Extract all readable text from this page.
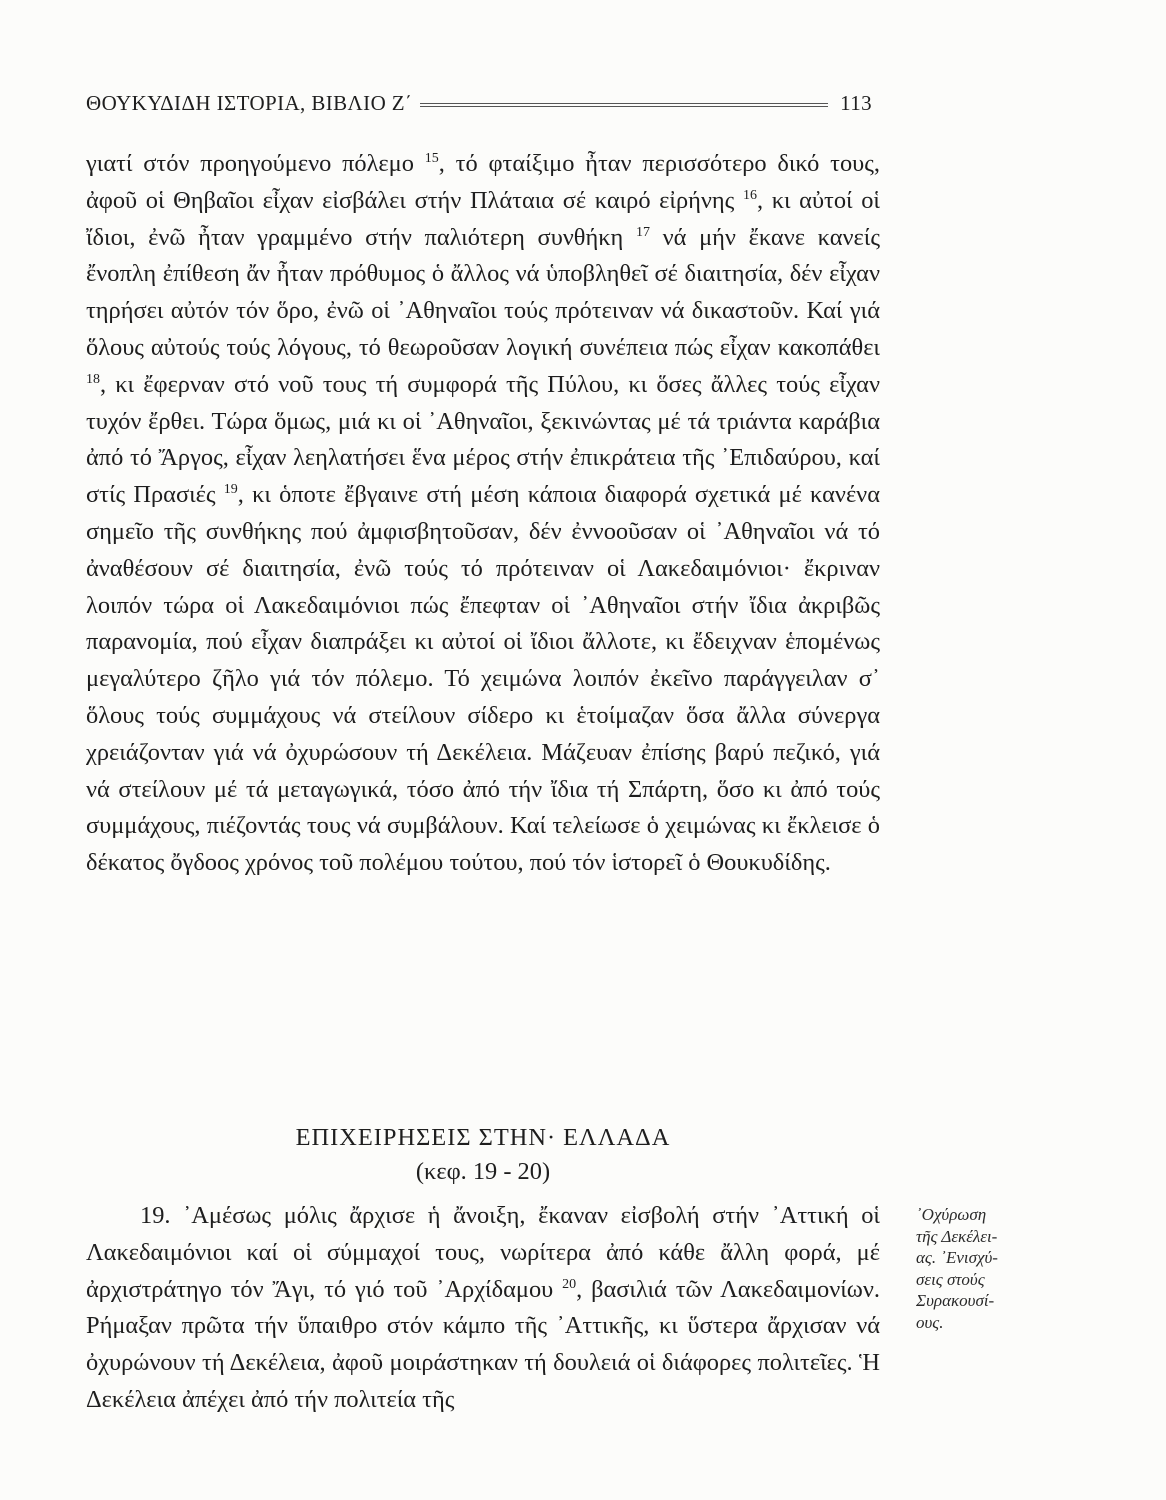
ΘΟΥΚΥΔΙΔΗ ΙΣΤΟΡΙΑ, ΒΙΒΛΙΟ Ζ΄	113

γιατί στόν προηγούμενο πόλεμο $^{15}$, τό φταίξιμο ἦταν περισσότερο δικό τους, ἀφοῦ οἱ Θηβαῖοι εἶχαν εἰσβάλει στήν Πλάταια σέ καιρό εἰρήνης $^{16}$, κι αὐτοί οἱ ἴδιοι, ἐνῶ ἦταν γραμμένο στήν παλιότερη συνθήκη $^{17}$ νά μήν ἔκανε κανείς ἔνοπλη ἐπίθεση ἄν ἦταν πρόθυμος ὁ ἄλλος νά ὑποβληθεῖ σέ διαιτησία, δέν εἶχαν τηρήσει αὐτόν τόν ὅρο, ἐνῶ οἱ ᾿Αθηναῖοι τούς πρότειναν νά δικαστοῦν. Καί γιά ὅλους αὐτούς τούς λόγους, τό θεωροῦσαν λογική συνέπεια πώς εἶχαν κακοπάθει $^{18}$, κι ἔφερναν στό νοῦ τους τή συμφορά τῆς Πύλου, κι ὅσες ἄλλες τούς εἶχαν τυχόν ἔρθει. Τώρα ὅμως, μιά κι οἱ ᾿Αθηναῖοι, ξεκινώντας μέ τά τριάντα καράβια ἀπό τό Ἄργος, εἶχαν λεηλατήσει ἕνα μέρος στήν ἐπικράτεια τῆς ᾿Επιδαύρου, καί στίς Πρασιές $^{19}$, κι ὁποτε ἔβγαινε στή μέση κάποια διαφορά σχετικά μέ κανένα σημεῖο τῆς συνθήκης πού ἀμφισβητοῦσαν, δέν ἐννοοῦσαν οἱ ᾿Αθηναῖοι νά τό ἀναθέσουν σέ διαιτησία, ἐνῶ τούς τό πρότειναν οἱ Λακεδαιμόνιοι· ἔκριναν λοιπόν τώρα οἱ Λακεδαιμόνιοι πώς ἔπεφταν οἱ ᾿Αθηναῖοι στήν ἴδια ἀκριβῶς παρανομία, πού εἶχαν διαπράξει κι αὐτοί οἱ ἴδιοι ἄλλοτε, κι ἔδειχναν ἑπομένως μεγαλύτερο ζῆλο γιά τόν πόλεμο. Τό χειμώνα λοιπόν ἐκεῖνο παράγγειλαν σ᾿ ὅλους τούς συμμάχους νά στείλουν σίδερο κι ἑτοίμαζαν ὅσα ἄλλα σύνεργα χρειάζονταν γιά νά ὀχυρώσουν τή Δεκέλεια. Μάζευαν ἐπίσης βαρύ πεζικό, γιά νά στείλουν μέ τά μεταγωγικά, τόσο ἀπό τήν ἴδια τή Σπάρτη, ὅσο κι ἀπό τούς συμμάχους, πιέζοντάς τους νά συμβάλουν. Καί τελείωσε ὁ χειμώνας κι ἔκλεισε ὁ δέκατος ὄγδοος χρόνος τοῦ πολέμου τούτου, πού τόν ἱστορεῖ ὁ Θουκυδίδης.

ΕΠΙΧΕΙΡΗΣΕΙΣ ΣΤΗΝ· ΕΛΛΑΔΑ
(κεφ. 19 - 20)

19. ᾿Αμέσως μόλις ἄρχισε ἡ ἄνοιξη, ἔκαναν εἰσβολή στήν ᾿Αττική οἱ Λακεδαιμόνιοι καί οἱ σύμμαχοί τους, νωρίτερα ἀπό κάθε ἄλλη φορά, μέ ἀρχιστράτηγο τόν Ἄγι, τό γιό τοῦ ᾿Αρχίδαμου $^{20}$, βασιλιά τῶν Λακεδαιμονίων. Ρήμαξαν πρῶτα τήν ὕπαιθρο στόν κάμπο τῆς ᾿Αττικῆς, κι ὕστερα ἄρχισαν νά ὀχυρώνουν τή Δεκέλεια, ἀφοῦ μοιράστηκαν τή δουλειά οἱ διάφορες πολιτεῖες. Ἡ Δεκέλεια ἀπέχει ἀπό τήν πολιτεία τῆς

᾿Οχύρωση
τῆς Δεκέλει-
ας. ᾿Ενισχύ-
σεις στούς
Συρακουσί-
ους.
